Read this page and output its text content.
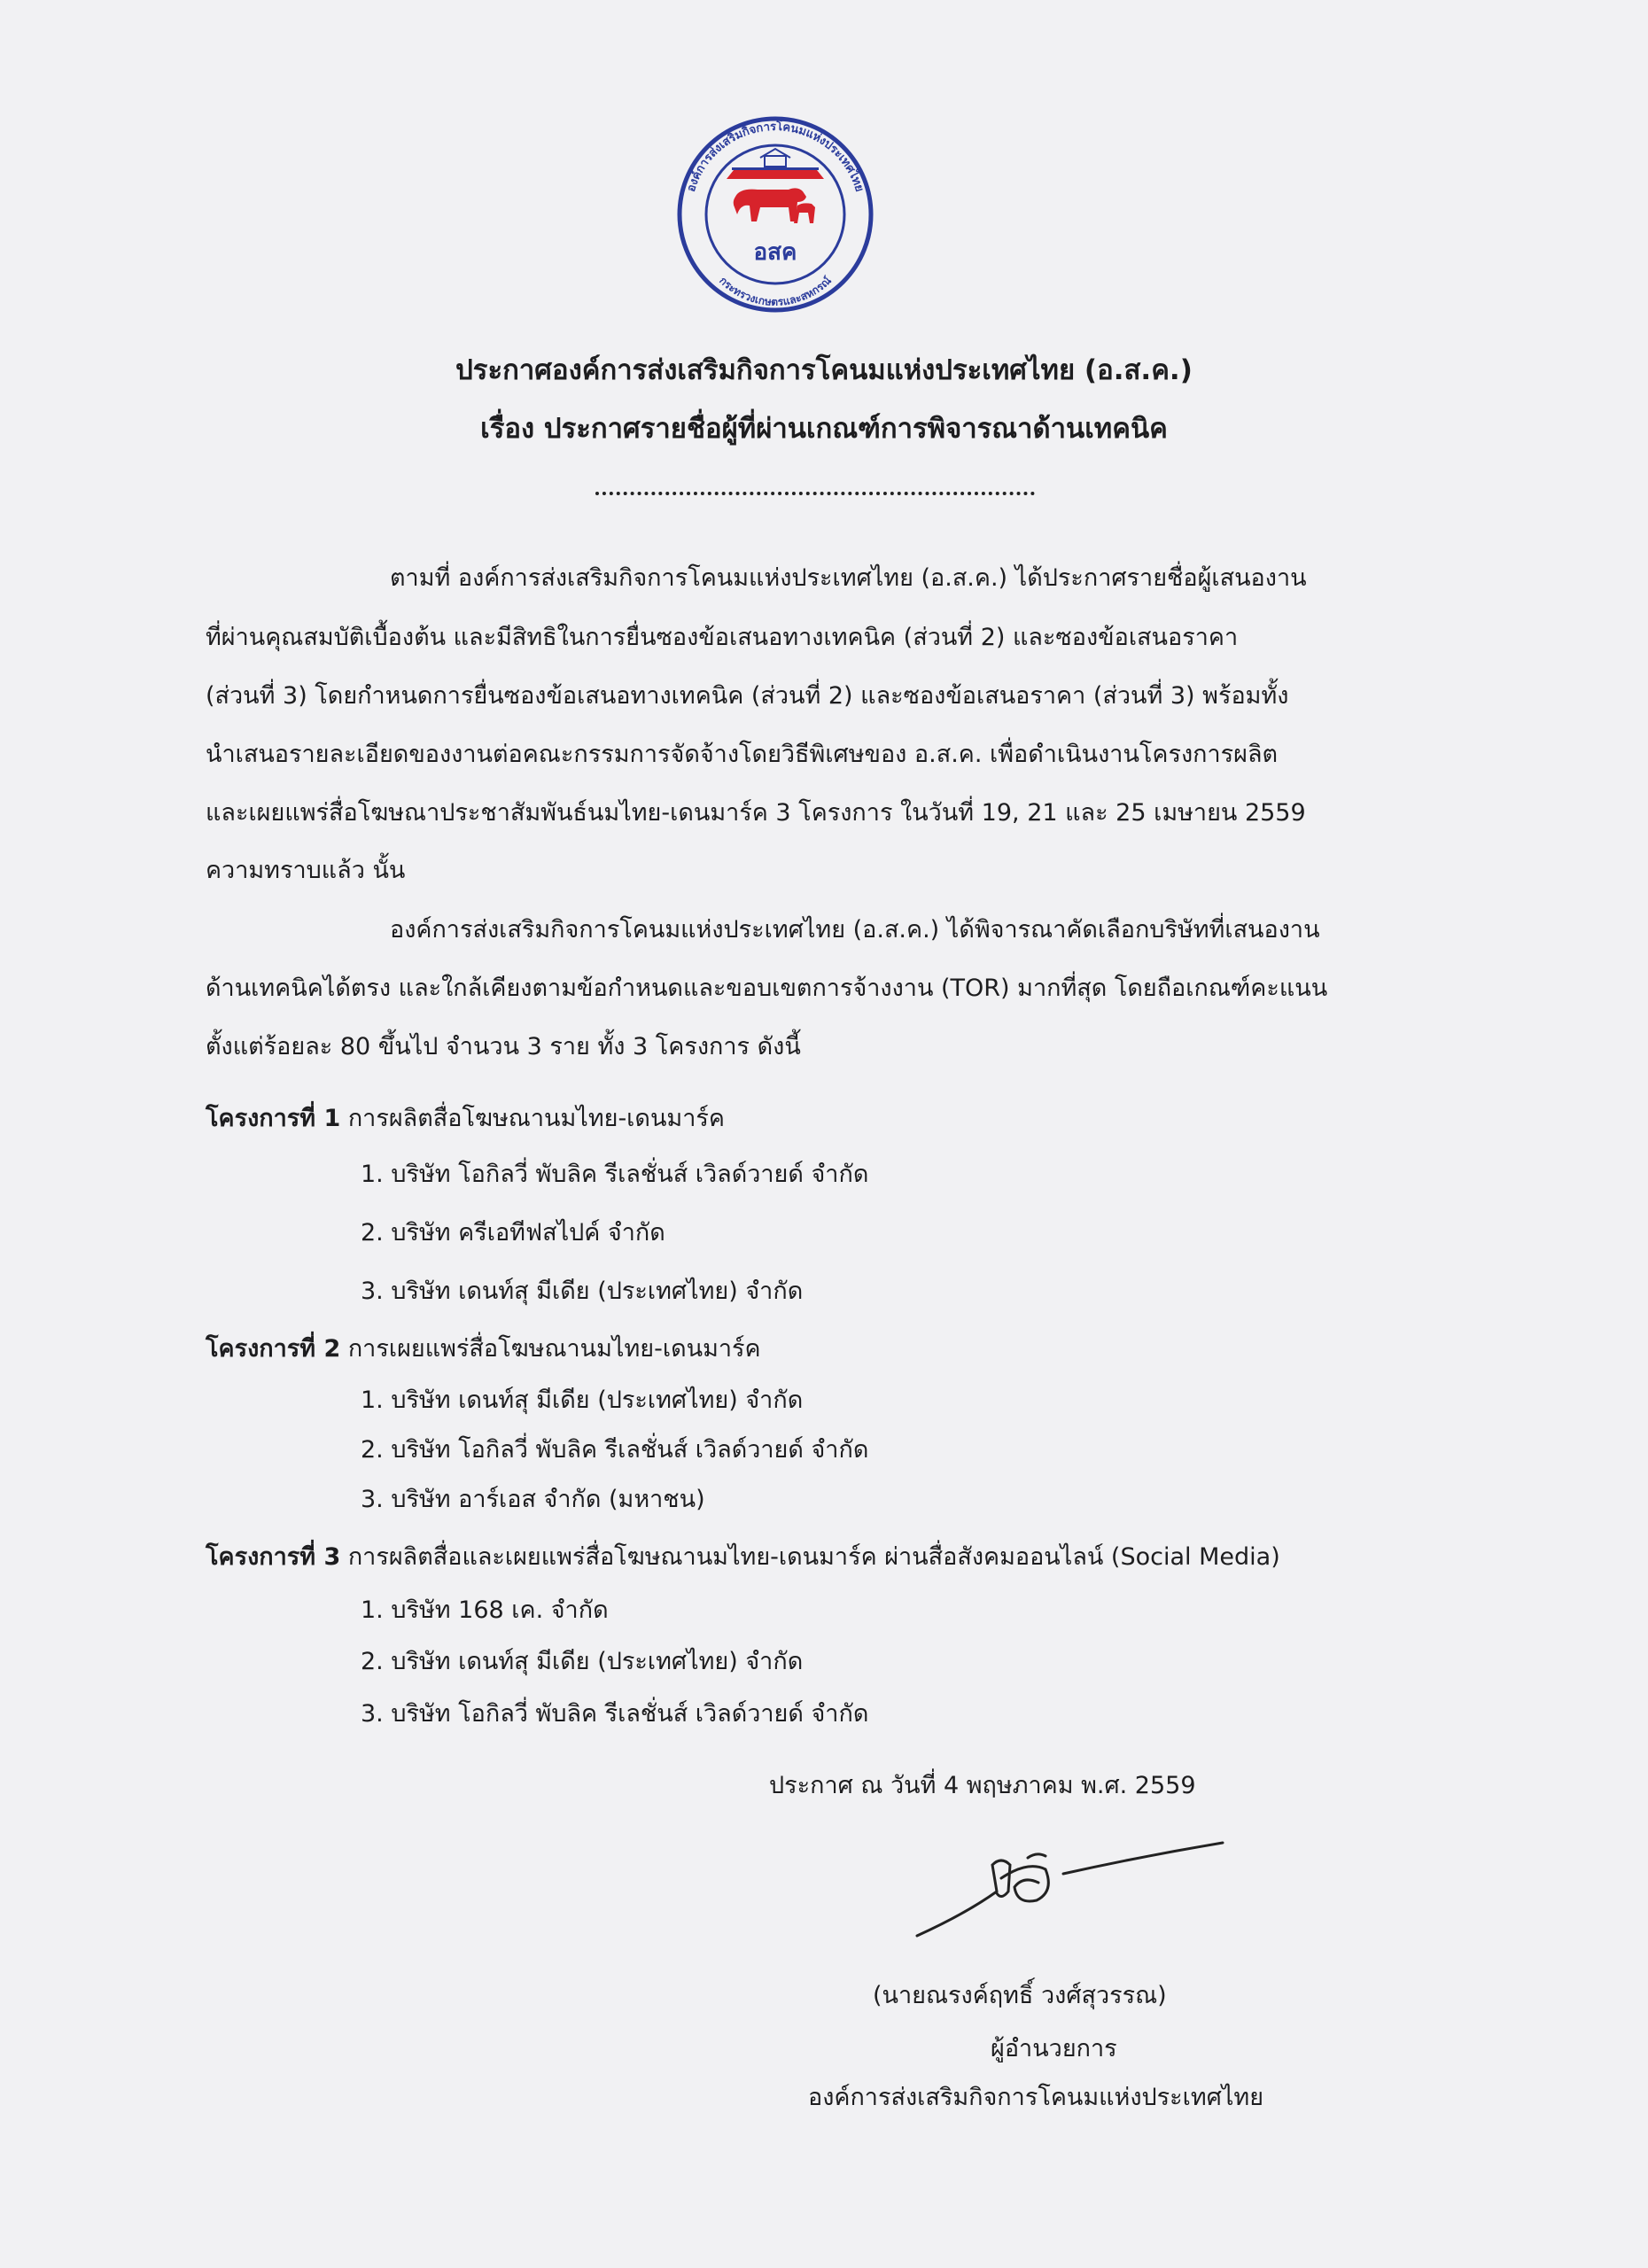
องค์การส่งเสริมกิจการโคนมแห่งประเทศไทย
กระทรวงเกษตรและสหกรณ์
อสค
ประกาศองค์การส่งเสริมกิจการโคนมแห่งประเทศไทย (อ.ส.ค.)
เรื่อง ประกาศรายชื่อผู้ที่ผ่านเกณฑ์การพิจารณาด้านเทคนิค
ตามที่ องค์การส่งเสริมกิจการโคนมแห่งประเทศไทย (อ.ส.ค.) ได้ประกาศรายชื่อผู้เสนองาน
ที่ผ่านคุณสมบัติเบื้องต้น และมีสิทธิในการยื่นซองข้อเสนอทางเทคนิค (ส่วนที่ 2) และซองข้อเสนอราคา
(ส่วนที่ 3) โดยกำหนดการยื่นซองข้อเสนอทางเทคนิค (ส่วนที่ 2) และซองข้อเสนอราคา (ส่วนที่ 3) พร้อมทั้ง
นำเสนอรายละเอียดของงานต่อคณะกรรมการจัดจ้างโดยวิธีพิเศษของ อ.ส.ค. เพื่อดำเนินงานโครงการผลิต
และเผยแพร่สื่อโฆษณาประชาสัมพันธ์นมไทย-เดนมาร์ค 3 โครงการ ในวันที่ 19, 21 และ 25 เมษายน 2559
ความทราบแล้ว นั้น
องค์การส่งเสริมกิจการโคนมแห่งประเทศไทย (อ.ส.ค.) ได้พิจารณาคัดเลือกบริษัทที่เสนองาน
ด้านเทคนิคได้ตรง และใกล้เคียงตามข้อกำหนดและขอบเขตการจ้างงาน (TOR) มากที่สุด โดยถือเกณฑ์คะแนน
ตั้งแต่ร้อยละ 80 ขึ้นไป จำนวน 3 ราย ทั้ง 3 โครงการ ดังนี้
โครงการที่ 1 การผลิตสื่อโฆษณานมไทย-เดนมาร์ค
1. บริษัท โอกิลวี่ พับลิค รีเลชั่นส์ เวิลด์วายด์ จำกัด
2. บริษัท ครีเอทีฟสไปค์ จำกัด
3. บริษัท เดนท์สุ มีเดีย (ประเทศไทย) จำกัด
โครงการที่ 2 การเผยแพร่สื่อโฆษณานมไทย-เดนมาร์ค
1. บริษัท เดนท์สุ มีเดีย (ประเทศไทย) จำกัด
2. บริษัท โอกิลวี่ พับลิค รีเลชั่นส์ เวิลด์วายด์ จำกัด
3. บริษัท อาร์เอส จำกัด (มหาชน)
โครงการที่ 3 การผลิตสื่อและเผยแพร่สื่อโฆษณานมไทย-เดนมาร์ค ผ่านสื่อสังคมออนไลน์ (Social Media)
1. บริษัท 168 เค. จำกัด
2. บริษัท เดนท์สุ มีเดีย (ประเทศไทย) จำกัด
3. บริษัท โอกิลวี่ พับลิค รีเลชั่นส์ เวิลด์วายด์ จำกัด
ประกาศ ณ วันที่ 4 พฤษภาคม พ.ศ. 2559
(นายณรงค์ฤทธิ์ วงศ์สุวรรณ)
ผู้อำนวยการ
องค์การส่งเสริมกิจการโคนมแห่งประเทศไทย
